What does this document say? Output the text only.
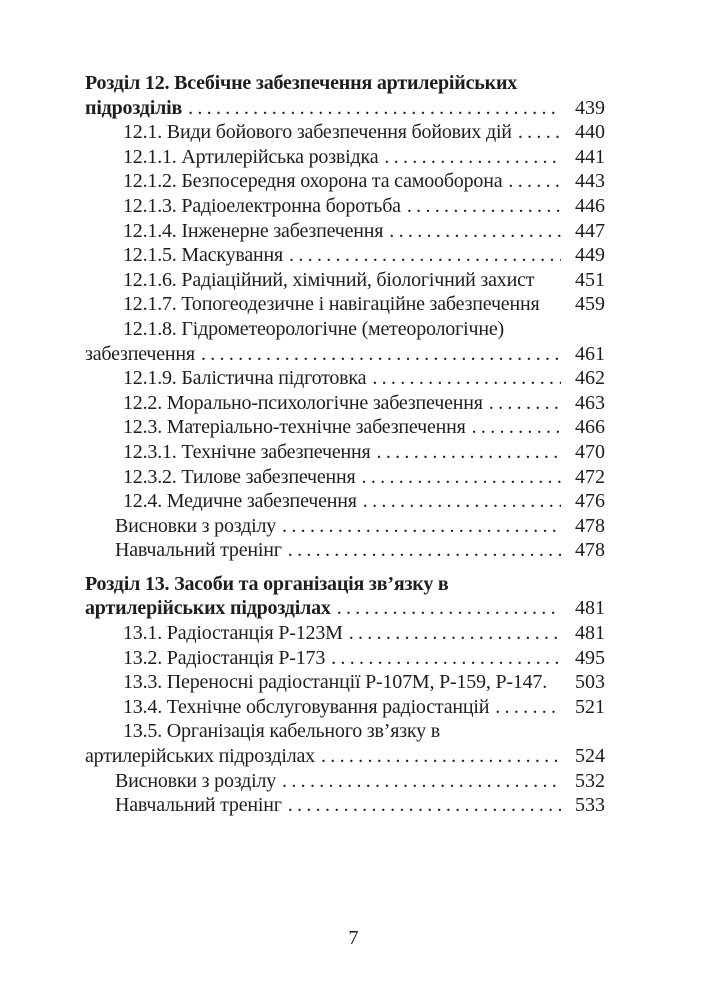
Розділ 12. Всебічне забезпечення артилерійських
підрозділів .....	439
12.1. Види бойового забезпечення бойових дій .....	440
12.1.1. Артилерійська розвідка .....	441
12.1.2. Безпосередня охорона та самооборона .....	443
12.1.3. Радіоелектронна боротьба .....	446
12.1.4. Інженерне забезпечення .....	447
12.1.5. Маскування .....	449
12.1.6. Радіаційний, хімічний, біологічний захист	451
12.1.7. Топогеодезичне і навігаційне забезпечення	459
12.1.8. Гідрометеорологічне (метеорологічне)
забезпечення .....	461
12.1.9. Балістична підготовка .....	462
12.2. Морально-психологічне забезпечення .....	463
12.3. Матеріально-технічне забезпечення .....	466
12.3.1. Технічне забезпечення .....	470
12.3.2. Тилове забезпечення .....	472
12.4. Медичне забезпечення .....	476
Висновки з розділу .....	478
Навчальний тренінг .....	478
Розділ 13. Засоби та організація зв’язку в
артилерійських підрозділах .....	481
13.1. Радіостанція Р-123М .....	481
13.2. Радіостанція Р-173 .....	495
13.3. Переносні радіостанції Р-107М, Р-159, Р-147.	503
13.4. Технічне обслуговування радіостанцій .....	521
13.5. Організація кабельного зв’язку в
артилерійських підрозділах .....	524
Висновки з розділу .....	532
Навчальний тренінг .....	533
7
